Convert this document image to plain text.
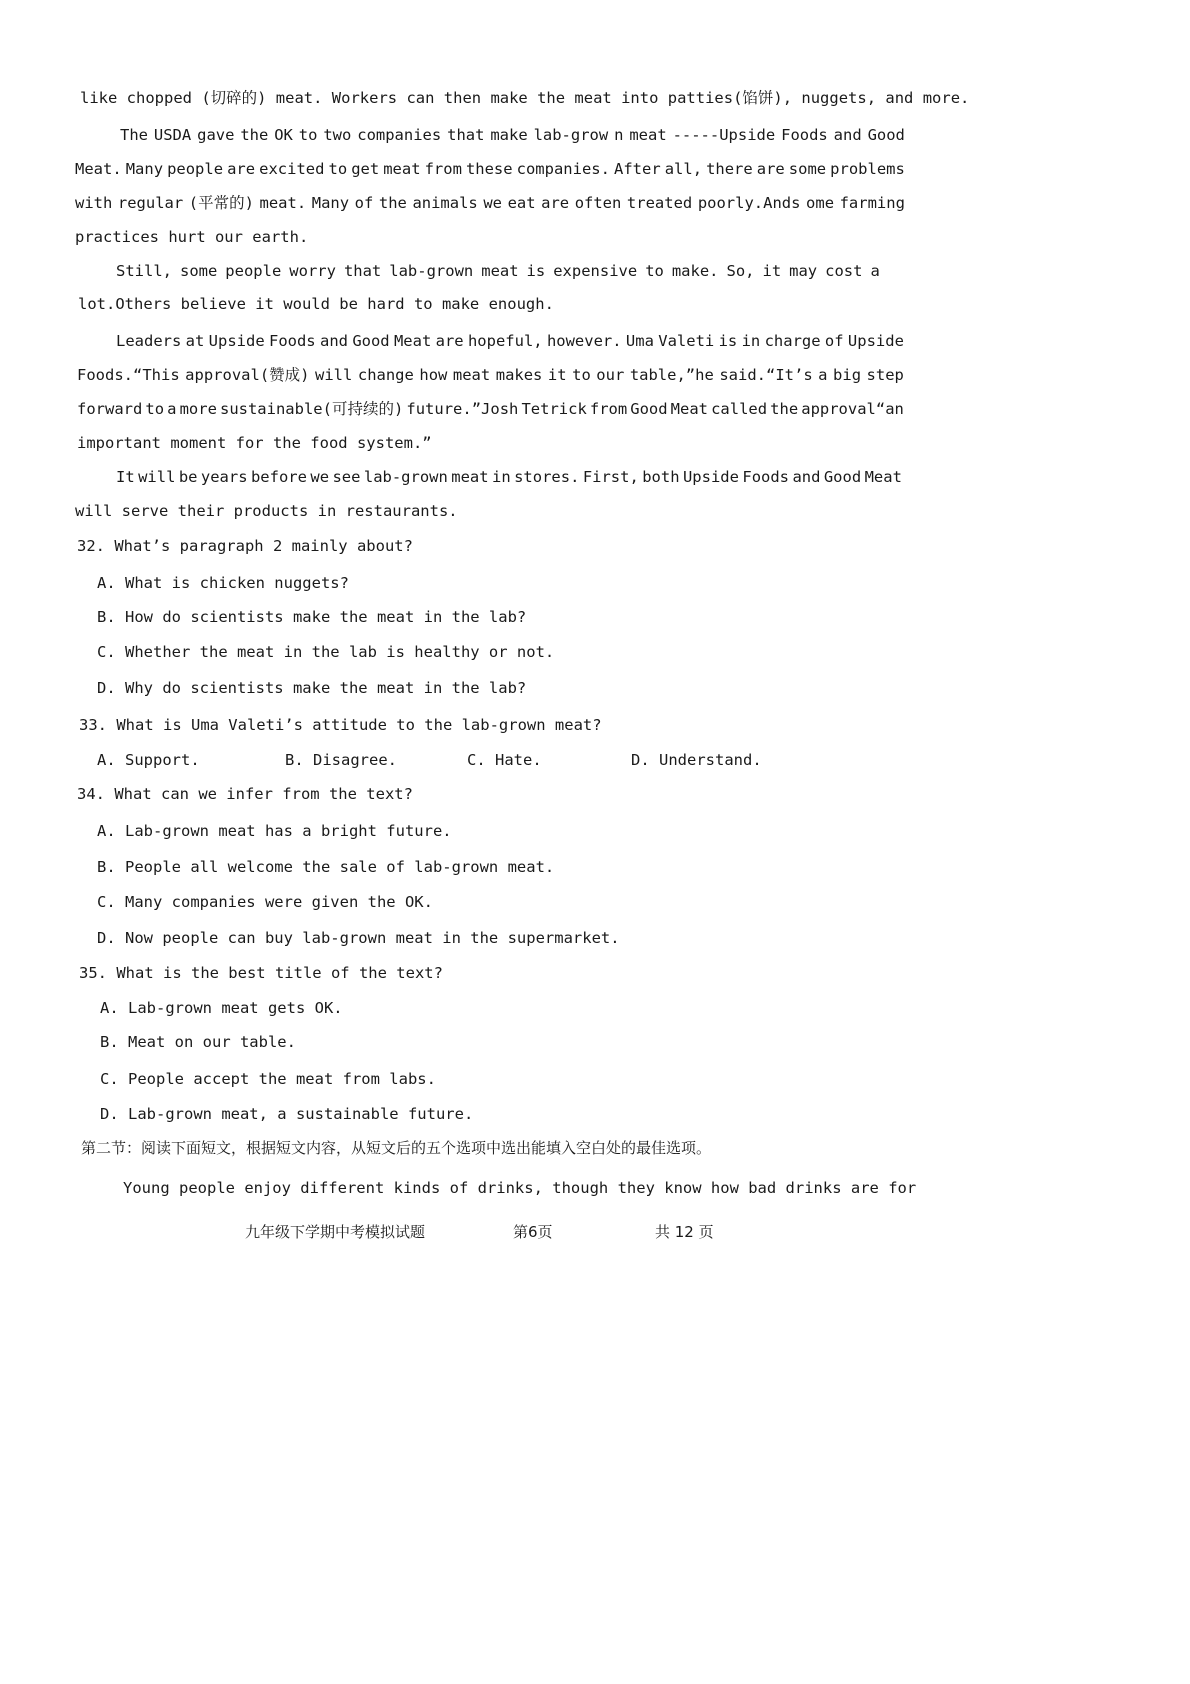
like chopped (切碎的) meat. Workers can then make the meat into patties(馅饼), nuggets, and more.
The USDA gave the OK to two companies that make lab-grow n meat -----Upside Foods and Good
Meat. Many people are excited to get meat from these companies. After all, there are some problems
with regular (平常的) meat. Many of the animals we eat are often treated poorly.Ands ome farming
practices hurt our earth.
Still, some people worry that lab-grown meat is expensive to make. So, it may cost a
lot.Others believe it would be hard to make enough.
Leaders at Upside Foods and Good Meat are hopeful, however. Uma Valeti is in charge of Upside
Foods.“This approval(赞成) will change how meat makes it to our table,”he said.“It’s a big step
forward to a more sustainable(可持续的) future.”Josh Tetrick from Good Meat called the approval“an
important moment for the food system.”
It will be years before we see lab-grown meat in stores. First, both Upside Foods and Good Meat
will serve their products in restaurants.
32. What’s paragraph 2 mainly about?
A. What is chicken nuggets?
B. How do scientists make the meat in the lab?
C. Whether the meat in the lab is healthy or not.
D. Why do scientists make the meat in the lab?
33. What is Uma Valeti’s attitude to the lab-grown meat?
A. Support.	B. Disagree.	C. Hate.	D. Understand.
34. What can we infer from the text?
A. Lab-grown meat has a bright future.
B. People all welcome the sale of lab-grown meat.
C. Many companies were given the OK.
D. Now people can buy lab-grown meat in the supermarket.
35. What is the best title of the text?
A. Lab-grown meat gets OK.
B. Meat on our table.
C. People accept the meat from labs.
D. Lab-grown meat, a sustainable future.
第二节：阅读下面短文，根据短文内容，从短文后的五个选项中选出能填入空白处的最佳选项。
Young people enjoy different kinds of drinks, though they know how bad drinks are for
九年级下学期中考模拟试题	第6页	共 12 页
